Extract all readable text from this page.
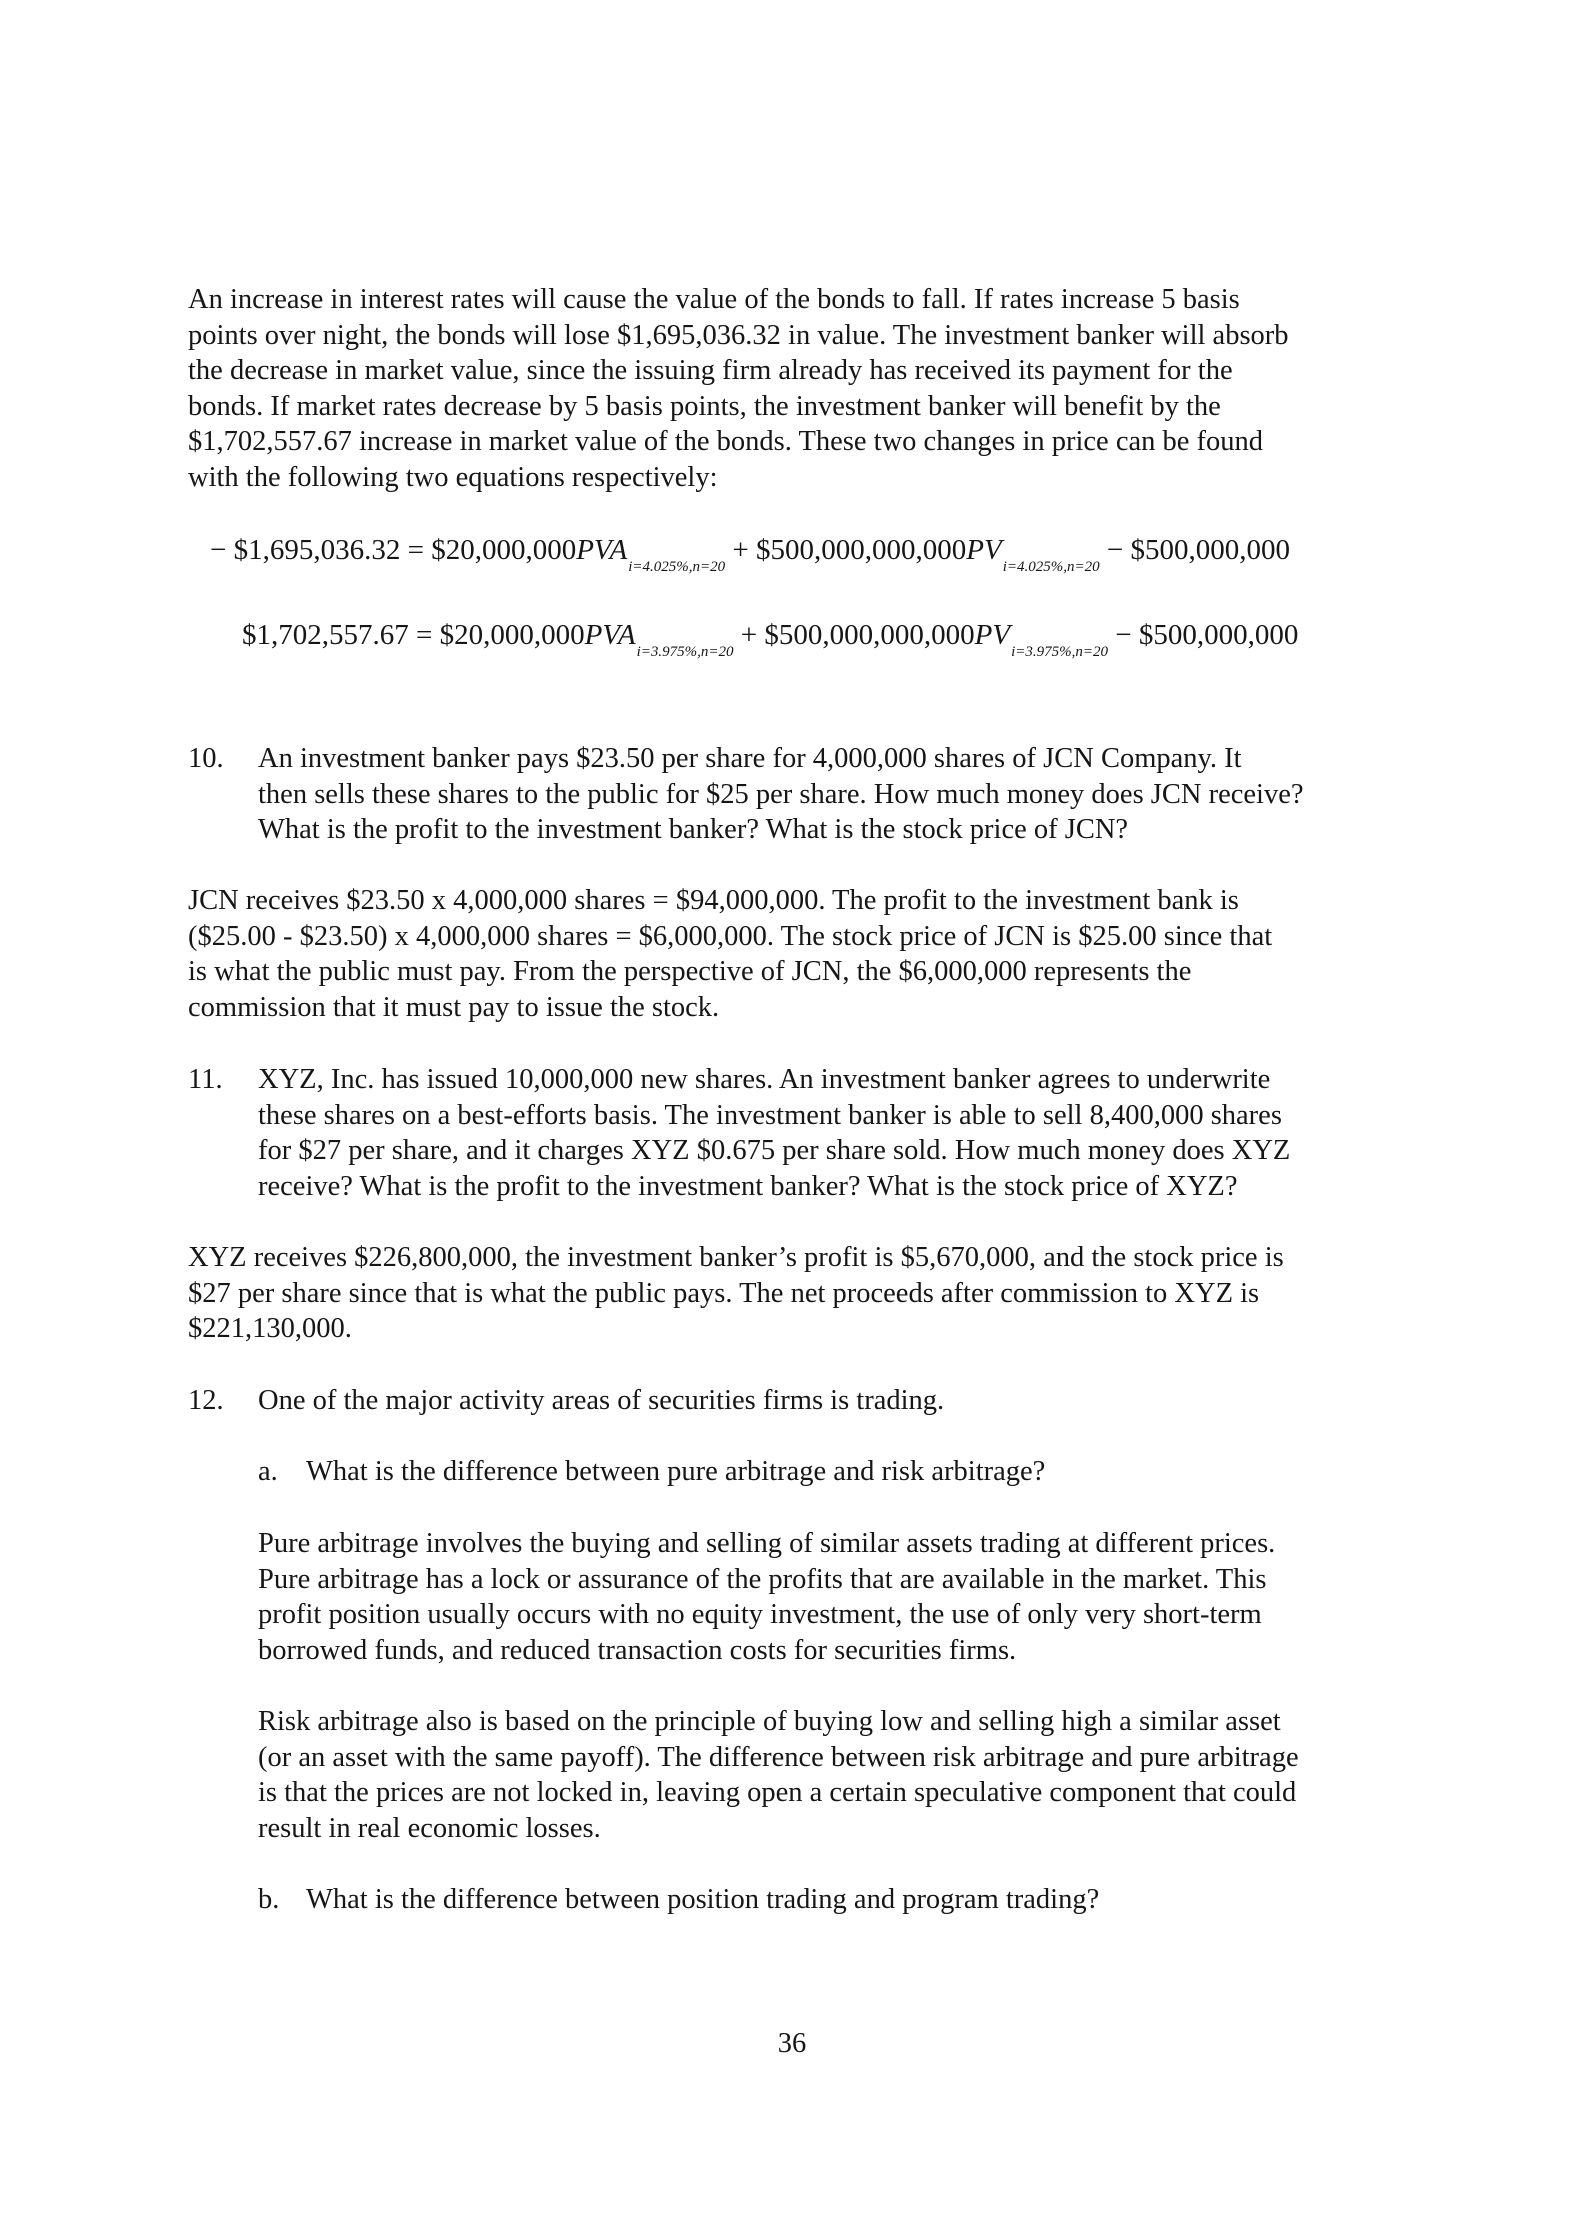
An increase in interest rates will cause the value of the bonds to fall. If rates increase 5 basis
points over night, the bonds will lose $1,695,036.32 in value. The investment banker will absorb
the decrease in market value, since the issuing firm already has received its payment for the
bonds. If market rates decrease by 5 basis points, the investment banker will benefit by the
$1,702,557.67 increase in market value of the bonds. These two changes in price can be found
with the following two equations respectively:

− $1,695,036.32 = $\$20,000,000PVA_{i=4.025\%,n=20}$ + $\$500,000,000,000PV_{i=4.025\%,n=20}$ − $500,000,000
$1,702,557.67 = $\$20,000,000PVA_{i=3.975\%,n=20}$ + $\$500,000,000,000PV_{i=3.975\%,n=20}$ − $500,000,000
10. An investment banker pays $23.50 per share for 4,000,000 shares of JCN Company. It
then sells these shares to the public for $25 per share. How much money does JCN receive?
What is the profit to the investment banker? What is the stock price of JCN?

JCN receives $23.50 x 4,000,000 shares = $94,000,000. The profit to the investment bank is
($25.00 - $23.50) x 4,000,000 shares = $6,000,000. The stock price of JCN is $25.00 since that
is what the public must pay. From the perspective of JCN, the $6,000,000 represents the
commission that it must pay to issue the stock.

11. XYZ, Inc. has issued 10,000,000 new shares. An investment banker agrees to underwrite
these shares on a best-efforts basis. The investment banker is able to sell 8,400,000 shares
for $27 per share, and it charges XYZ $0.675 per share sold. How much money does XYZ
receive? What is the profit to the investment banker? What is the stock price of XYZ?

XYZ receives $226,800,000, the investment banker’s profit is $5,670,000, and the stock price is
$27 per share since that is what the public pays. The net proceeds after commission to XYZ is
$221,130,000.

12. One of the major activity areas of securities firms is trading.
a. What is the difference between pure arbitrage and risk arbitrage?
Pure arbitrage involves the buying and selling of similar assets trading at different prices.
Pure arbitrage has a lock or assurance of the profits that are available in the market. This
profit position usually occurs with no equity investment, the use of only very short-term
borrowed funds, and reduced transaction costs for securities firms.
Risk arbitrage also is based on the principle of buying low and selling high a similar asset
(or an asset with the same payoff). The difference between risk arbitrage and pure arbitrage
is that the prices are not locked in, leaving open a certain speculative component that could
result in real economic losses.
b. What is the difference between position trading and program trading?
36
